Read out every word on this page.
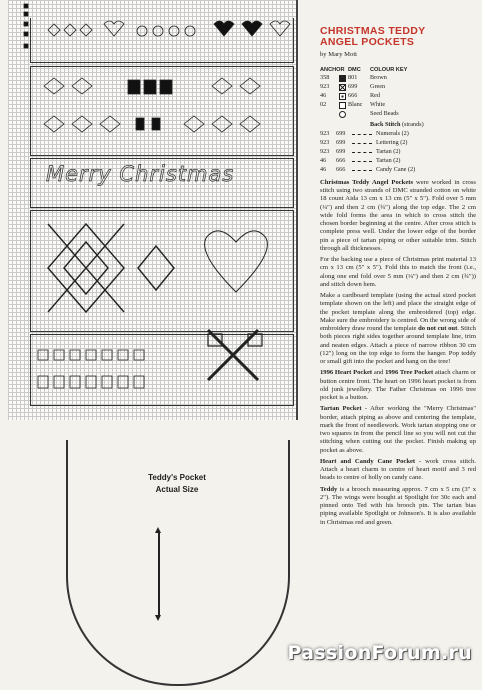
Merry Christmas
Teddy's Pocket
Actual Size
CHRISTMAS TEDDY
ANGEL POCKETS
by Mary Mott
ANCHOR DMC	COLOUR KEY
358	801	Brown
923	699	Green
46	666	Red
02	Blanc	White
Seed Beads
Back Stitch (strands)
923	699	Numerals (2)
923	699	Lettering (2)
923	699	Tartan (2)
46	666	Tartan (2)
46	666	Candy Cane (2)

Christmas Teddy Angel Pockets were worked in cross stitch using two strands of DMC stranded cotton on white 18 count Aida 13 cm x 13 cm (5" x 5"). Fold over 5 mm (¼") and then 2 cm (¾") along the top edge. The 2 cm wide fold forms the area in which to cross stitch the chosen border beginning at the centre. After cross stitch is complete press well. Under the lower edge of the border pin a piece of tartan piping or other suitable trim. Stitch through all thicknesses.

For the backing use a piece of Christmas print material 13 cm x 13 cm (5" x 5"). Fold this to match the front (i.e., along one end fold over 5 mm (¼") and then 2 cm (¾")) and stitch down hem.

Make a cardboard template (using the actual sized pocket template shown on the left) and place the straight edge of the pocket template along the embroidered (top) edge. Make sure the embroidery is centred. On the wrong side of embroidery draw round the template do not cut out. Stitch both pieces right sides together around template line, trim and neaten edges. Attach a piece of narrow ribbon 30 cm (12") long on the top edge to form the hanger. Pop teddy or small gift into the pocket and hang on the tree!

1996 Heart Pocket and 1996 Tree Pocket attach charm or button centre front. The heart on 1996 heart pocket is from old junk jewellery. The Father Christmas on 1996 tree pocket is a button.

Tartan Pocket - After working the "Merry Christmas" border, attach piping as above and centering the template, mark the front of needlework. Work tartan stopping one or two squares in from the pencil line so you will not cut the stitching when cutting out the pocket. Finish making up pocket as above.

Heart and Candy Cane Pocket - work cross stitch. Attach a heart charm to centre of heart motif and 3 red beads to centre of holly on candy cane.

Teddy is a brooch measuring approx. 7 cm x 5 cm (3" x 2"). The wings were bought at Spotlight for 30c each and pinned onto Ted with his brooch pin. The tartan bias piping available Spotlight or Johnson's. It is also available in Christmas red and green.

PassionForum.ru
